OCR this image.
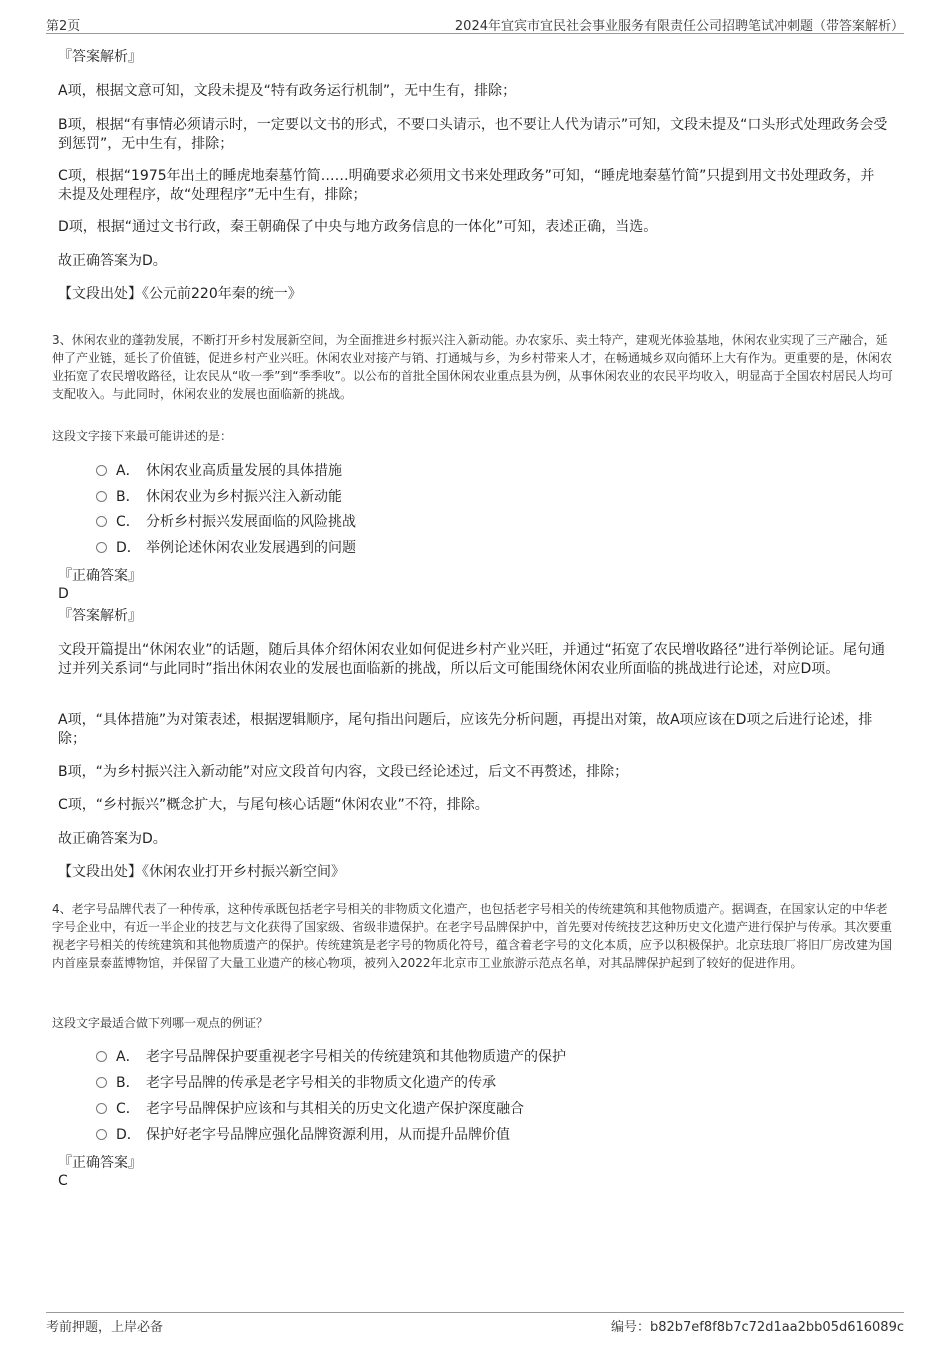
第2页	2024年宜宾市宜民社会事业服务有限责任公司招聘笔试冲刺题（带答案解析）
『答案解析』
A项，根据文意可知，文段未提及“特有政务运行机制”，无中生有，排除；
B项，根据“有事情必须请示时，一定要以文书的形式，不要口头请示，也不要让人代为请示”可知，文段未提及“口头形式处理政务会受到惩罚”，无中生有，排除；
C项，根据“1975年出土的睡虎地秦墓竹简……明确要求必须用文书来处理政务”可知，“睡虎地秦墓竹简”只提到用文书处理政务，并未提及处理程序，故“处理程序”无中生有，排除；
D项，根据“通过文书行政，秦王朝确保了中央与地方政务信息的一体化”可知，表述正确，当选。
故正确答案为D。
【文段出处】《公元前220年秦的统一》
3、休闲农业的蓬勃发展，不断打开乡村发展新空间，为全面推进乡村振兴注入新动能。办农家乐、卖土特产，建观光体验基地，休闲农业实现了三产融合，延伸了产业链，延长了价值链，促进乡村产业兴旺。休闲农业对接产与销、打通城与乡，为乡村带来人才，在畅通城乡双向循环上大有作为。更重要的是，休闲农业拓宽了农民增收路径，让农民从“收一季”到“季季收”。以公布的首批全国休闲农业重点县为例，从事休闲农业的农民平均收入，明显高于全国农村居民人均可支配收入。与此同时，休闲农业的发展也面临新的挑战。
这段文字接下来最可能讲述的是：
A． 休闲农业高质量发展的具体措施
B． 休闲农业为乡村振兴注入新动能
C． 分析乡村振兴发展面临的风险挑战
D． 举例论述休闲农业发展遇到的问题
『正确答案』
D
『答案解析』
文段开篇提出“休闲农业”的话题，随后具体介绍休闲农业如何促进乡村产业兴旺，并通过“拓宽了农民增收路径”进行举例论证。尾句通过并列关系词“与此同时”指出休闲农业的发展也面临新的挑战，所以后文可能围绕休闲农业所面临的挑战进行论述，对应D项。
A项，“具体措施”为对策表述，根据逻辑顺序，尾句指出问题后，应该先分析问题，再提出对策，故A项应该在D项之后进行论述，排除；
B项，“为乡村振兴注入新动能”对应文段首句内容，文段已经论述过，后文不再赘述，排除；
C项，“乡村振兴”概念扩大，与尾句核心话题“休闲农业”不符，排除。
故正确答案为D。
【文段出处】《休闲农业打开乡村振兴新空间》
4、老字号品牌代表了一种传承，这种传承既包括老字号相关的非物质文化遗产，也包括老字号相关的传统建筑和其他物质遗产。据调查，在国家认定的中华老字号企业中，有近一半企业的技艺与文化获得了国家级、省级非遗保护。在老字号品牌保护中，首先要对传统技艺这种历史文化遗产进行保护与传承。其次要重视老字号相关的传统建筑和其他物质遗产的保护。传统建筑是老字号的物质化符号，蕴含着老字号的文化本质，应予以积极保护。北京珐琅厂将旧厂房改建为国内首座景泰蓝博物馆，并保留了大量工业遗产的核心物项，被列入2022年北京市工业旅游示范点名单，对其品牌保护起到了较好的促进作用。
这段文字最适合做下列哪一观点的例证？
A． 老字号品牌保护要重视老字号相关的传统建筑和其他物质遗产的保护
B． 老字号品牌的传承是老字号相关的非物质文化遗产的传承
C． 老字号品牌保护应该和与其相关的历史文化遗产保护深度融合
D． 保护好老字号品牌应强化品牌资源利用，从而提升品牌价值
『正确答案』
C
考前押题，上岸必备	编号：b82b7ef8f8b7c72d1aa2bb05d616089c
